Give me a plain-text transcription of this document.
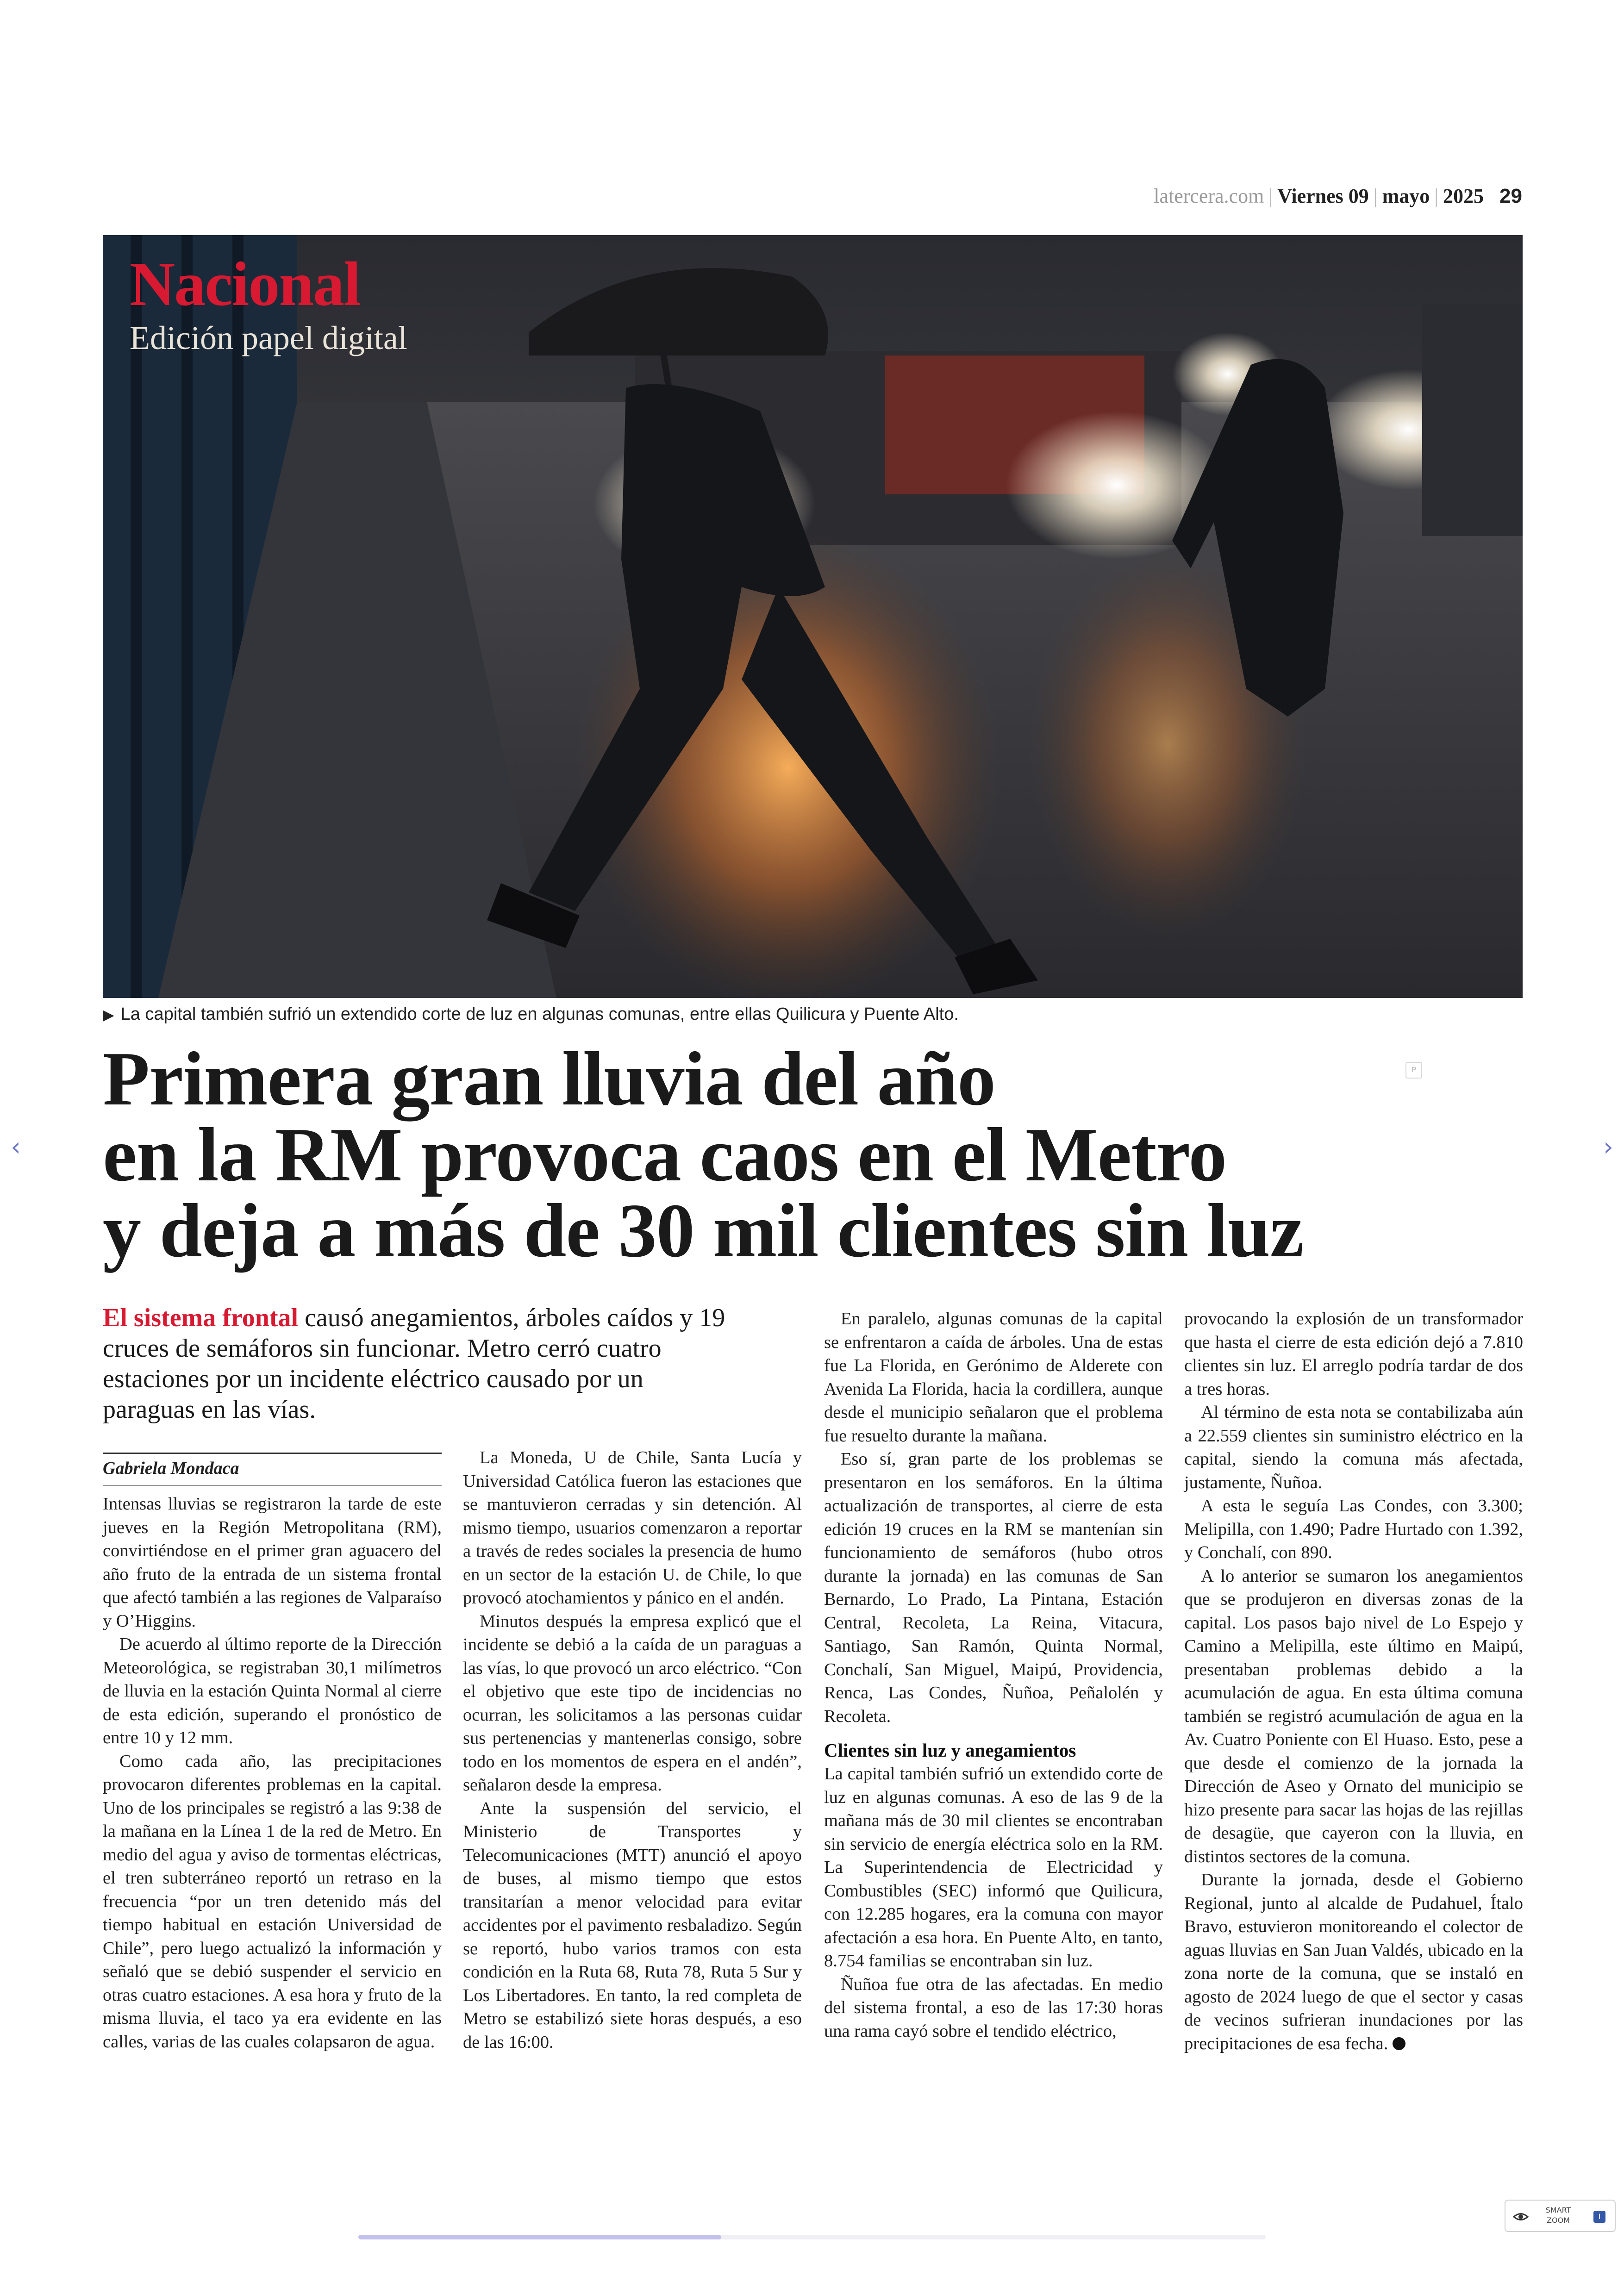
latercera.com | Viernes 09 | mayo | 2025 29
Nacional
Edición papel digital
▶ La capital también sufrió un extendido corte de luz en algunas comunas, entre ellas Quilicura y Puente Alto.
P
Primera gran lluvia del año
en la RM provoca caos en el Metro
y deja a más de 30 mil clientes sin luz
‹	›
El sistema frontal causó anegamientos, árboles caídos y 19 cruces de semáforos sin funcionar. Metro cerró cuatro estaciones por un incidente eléctrico causado por un paraguas en las vías.
Gabriela Mondaca

Intensas lluvias se registraron la tarde de este jueves en la Región Metropolitana (RM), convirtiéndose en el primer gran aguacero del año fruto de la entrada de un sistema frontal que afectó también a las regiones de Valparaíso y O’Higgins.

De acuerdo al último reporte de la Dirección Meteorológica, se registraban 30,1 milímetros de lluvia en la estación Quinta Normal al cierre de esta edición, superando el pronóstico de entre 10 y 12 mm.

Como cada año, las precipitaciones provocaron diferentes problemas en la capital. Uno de los principales se registró a las 9:38 de la mañana en la Línea 1 de la red de Metro. En medio del agua y aviso de tormentas eléctricas, el tren subterráneo reportó un retraso en la frecuencia “por un tren detenido más del tiempo habitual en estación Universidad de Chile”, pero luego actualizó la información y señaló que se debió suspender el servicio en otras cuatro estaciones. A esa hora y fruto de la misma lluvia, el taco ya era evidente en las calles, varias de las cuales colapsaron de agua.

La Moneda, U de Chile, Santa Lucía y Universidad Católica fueron las estaciones que se mantuvieron cerradas y sin detención. Al mismo tiempo, usuarios comenzaron a reportar a través de redes sociales la presencia de humo en un sector de la estación U. de Chile, lo que provocó atochamientos y pánico en el andén.

Minutos después la empresa explicó que el incidente se debió a la caída de un paraguas a las vías, lo que provocó un arco eléctrico. “Con el objetivo que este tipo de incidencias no ocurran, les solicitamos a las personas cuidar sus pertenencias y mantenerlas consigo, sobre todo en los momentos de espera en el andén”, señalaron desde la empresa.

Ante la suspensión del servicio, el Ministerio de Transportes y Telecomunicaciones (MTT) anunció el apoyo de buses, al mismo tiempo que estos transitarían a menor velocidad para evitar accidentes por el pavimento resbaladizo. Según se reportó, hubo varios tramos con esta condición en la Ruta 68, Ruta 78, Ruta 5 Sur y Los Libertadores. En tanto, la red completa de Metro se estabilizó siete horas después, a eso de las 16:00.

En paralelo, algunas comunas de la capital se enfrentaron a caída de árboles. Una de estas fue La Florida, en Gerónimo de Alderete con Avenida La Florida, hacia la cordillera, aunque desde el municipio señalaron que el problema fue resuelto durante la mañana.

Eso sí, gran parte de los problemas se presentaron en los semáforos. En la última actualización de transportes, al cierre de esta edición 19 cruces en la RM se mantenían sin funcionamiento de semáforos (hubo otros durante la jornada) en las comunas de San Bernardo, Lo Prado, La Pintana, Estación Central, Recoleta, La Reina, Vitacura, Santiago, San Ramón, Quinta Normal, Conchalí, San Miguel, Maipú, Providencia, Renca, Las Condes, Ñuñoa, Peñalolén y Recoleta.

Clientes sin luz y anegamientos

La capital también sufrió un extendido corte de luz en algunas comunas. A eso de las 9 de la mañana más de 30 mil clientes se encontraban sin servicio de energía eléctrica solo en la RM. La Superintendencia de Electricidad y Combustibles (SEC) informó que Quilicura, con 12.285 hogares, era la comuna con mayor afectación a esa hora. En Puente Alto, en tanto, 8.754 familias se encontraban sin luz.

Ñuñoa fue otra de las afectadas. En medio del sistema frontal, a eso de las 17:30 horas una rama cayó sobre el tendido eléctrico,

provocando la explosión de un transformador que hasta el cierre de esta edición dejó a 7.810 clientes sin luz. El arreglo podría tardar de dos a tres horas.

Al término de esta nota se contabilizaba aún a 22.559 clientes sin suministro eléctrico en la capital, siendo la comuna más afectada, justamente, Ñuñoa.

A esta le seguía Las Condes, con 3.300; Melipilla, con 1.490; Padre Hurtado con 1.392, y Conchalí, con 890.

A lo anterior se sumaron los anegamientos que se produjeron en diversas zonas de la capital. Los pasos bajo nivel de Lo Espejo y Camino a Melipilla, este último en Maipú, presentaban problemas debido a la acumulación de agua. En esta última comuna también se registró acumulación de agua en la Av. Cuatro Poniente con El Huaso. Esto, pese a que desde el comienzo de la jornada la Dirección de Aseo y Ornato del municipio se hizo presente para sacar las hojas de las rejillas de desagüe, que cayeron con la lluvia, en distintos sectores de la comuna.

Durante la jornada, desde el Gobierno Regional, junto al alcalde de Pudahuel, Ítalo Bravo, estuvieron monitoreando el colector de aguas lluvias en San Juan Valdés, ubicado en la zona norte de la comuna, que se instaló en agosto de 2024 luego de que el sector y casas de vecinos sufrieran inundaciones por las precipitaciones de esa fecha.

SMART
ZOOM	I
